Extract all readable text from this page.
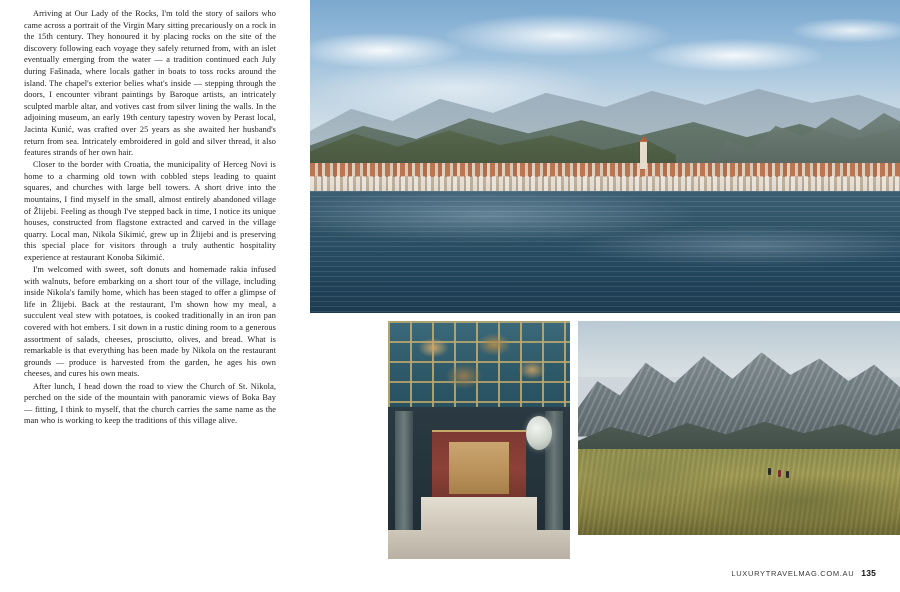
Arriving at Our Lady of the Rocks, I'm told the story of sailors who came across a portrait of the Virgin Mary sitting precariously on a rock in the 15th century. They honoured it by placing rocks on the site of the discovery following each voyage they safely returned from, with an islet eventually emerging from the water — a tradition continued each July during Fašinada, where locals gather in boats to toss rocks around the island. The chapel's exterior belies what's inside — stepping through the doors, I encounter vibrant paintings by Baroque artists, an intricately sculpted marble altar, and votives cast from silver lining the walls. In the adjoining museum, an early 19th century tapestry woven by Perast local, Jacinta Kunić, was crafted over 25 years as she awaited her husband's return from sea. Intricately embroidered in gold and silver thread, it also features strands of her own hair.

Closer to the border with Croatia, the municipality of Herceg Novi is home to a charming old town with cobbled steps leading to quaint squares, and churches with large bell towers. A short drive into the mountains, I find myself in the small, almost entirely abandoned village of Žlijebi. Feeling as though I've stepped back in time, I notice its unique houses, constructed from flagstone extracted and carved in the village quarry. Local man, Nikola Sikimić, grew up in Žlijebi and is preserving this special place for visitors through a truly authentic hospitality experience at restaurant Konoba Sikimić.

I'm welcomed with sweet, soft donuts and homemade rakia infused with walnuts, before embarking on a short tour of the village, including inside Nikola's family home, which has been staged to offer a glimpse of life in Žlijebi. Back at the restaurant, I'm shown how my meal, a succulent veal stew with potatoes, is cooked traditionally in an iron pan covered with hot embers. I sit down in a rustic dining room to a generous assortment of salads, cheeses, prosciutto, olives, and bread. What is remarkable is that everything has been made by Nikola on the restaurant grounds — produce is harvested from the garden, he ages his own cheeses, and cures his own meats.

After lunch, I head down the road to view the Church of St. Nikola, perched on the side of the mountain with panoramic views of Boka Bay — fitting, I think to myself, that the church carries the same name as the man who is working to keep the traditions of this village alive.

LUXURYTRAVELMAG.COM.AU 135
